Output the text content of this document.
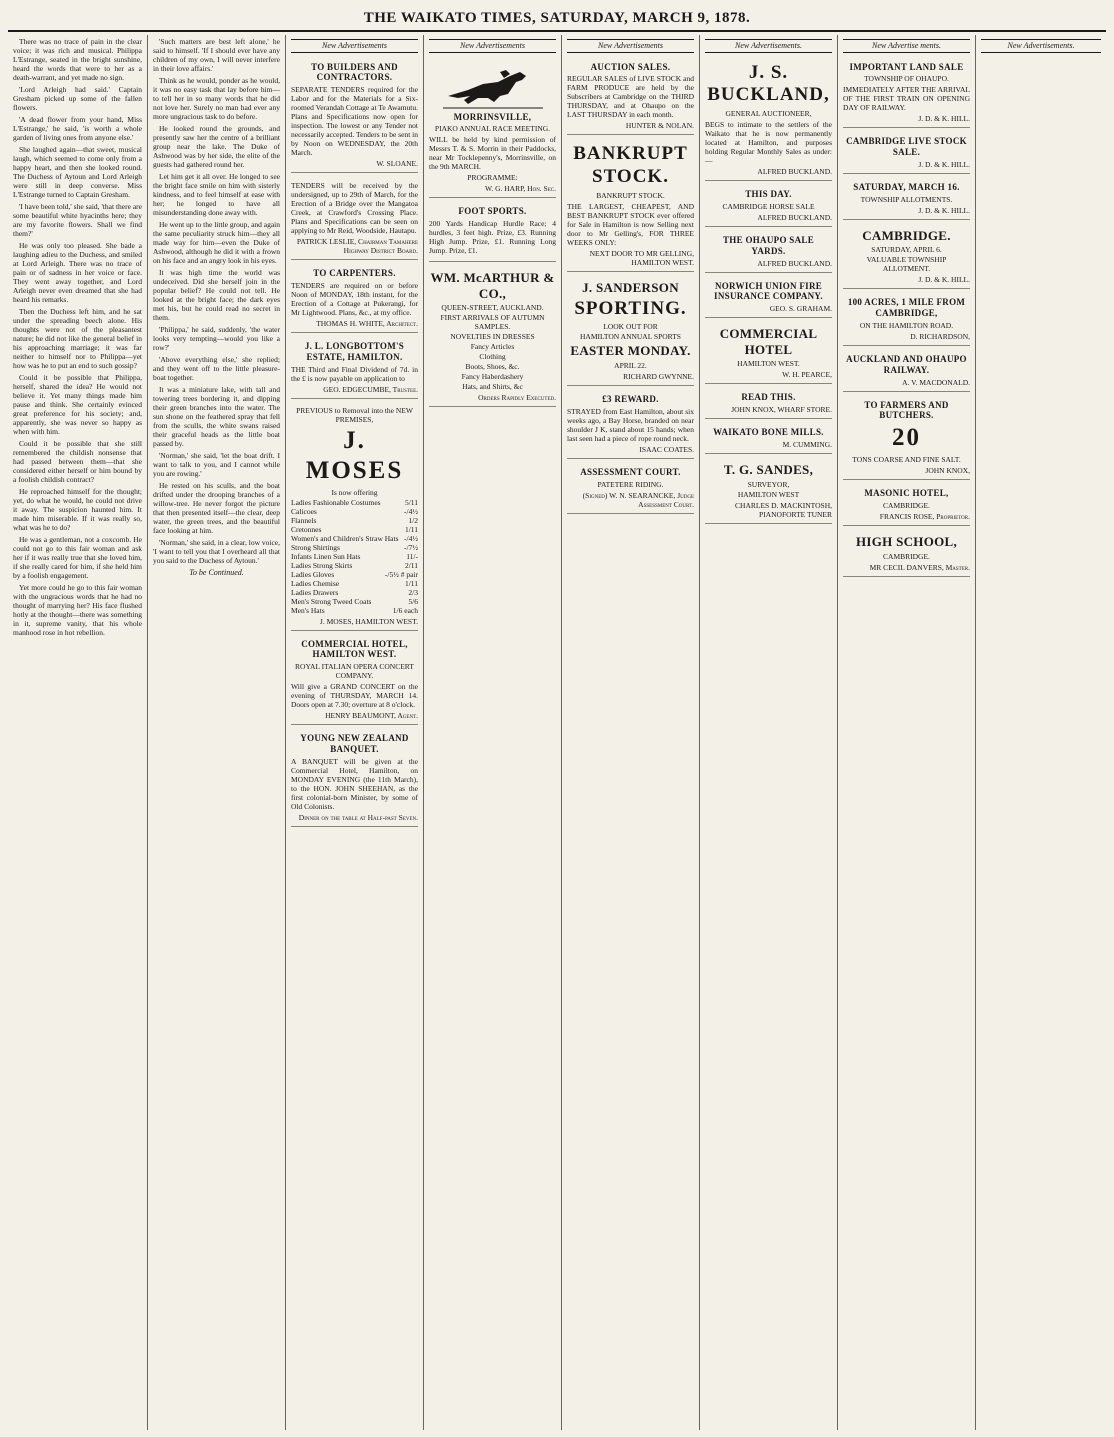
THE WAIKATO TIMES, SATURDAY, MARCH 9, 1878.

There was no trace of pain in the clear voice; it was rich and musical. Philippa L'Estrange, seated in the bright sunshine, heard the words that were to her as a death-warrant, and yet made no sign.

'Lord Arleigh had said.' Captain Gresham picked up some of the fallen flowers.

'A dead flower from your hand, Miss L'Estrange,' he said, 'is worth a whole garden of living ones from anyone else.'

She laughed again—that sweet, musical laugh, which seemed to come only from a happy heart, and then she looked round. The Duchess of Aytoun and Lord Arleigh were still in deep converse. Miss L'Estrange turned to Captain Gresham.

'I have been told,' she said, 'that there are some beautiful white hyacinths here; they are my favorite flowers. Shall we find them?'

He was only too pleased. She bade a laughing adieu to the Duchess, and smiled at Lord Arleigh. There was no trace of pain or of sadness in her voice or face. They went away together, and Lord Arleigh never even dreamed that she had heard his remarks.

Then the Duchess left him, and he sat under the spreading beech alone. His thoughts were not of the pleasantest nature; he did not like the general belief in his approaching marriage; it was far neither to himself nor to Philippa—yet how was he to put an end to such gossip?

Could it be possible that Philippa, herself, shared the idea? He would not believe it. Yet many things made him pause and think. She certainly evinced great preference for his society; and, apparently, she was never so happy as when with him.

Could it be possible that she still remembered the childish nonsense that had passed between them—that she considered either herself or him bound by a foolish childish contract?

He reproached himself for the thought; yet, do what he would, he could not drive it away. The suspicion haunted him. It made him miserable. If it was really so, what was he to do?

He was a gentleman, not a coxcomb. He could not go to this fair woman and ask her if it was really true that she loved him, if she really cared for him, if she held him by a foolish engagement.

Yet more could he go to this fair woman with the ungracious words that he had no thought of marrying her? His face flushed hotly at the thought—there was something in it, supreme vanity, that his whole manhood rose in hot rebellion.

'Such matters are best left alone,' he said to himself. 'If I should ever have any children of my own, I will never interfere in their love affairs.'

Think as he would, ponder as he would, it was no easy task that lay before him—to tell her in so many words that he did not love her. Surely no man had ever any more ungracious task to do before.

He looked round the grounds, and presently saw her the centre of a brilliant group near the lake. The Duke of Ashwood was by her side, the elite of the guests had gathered round her.

Let him get it all over. He longed to see the bright face smile on him with sisterly kindness, and to feel himself at ease with her; he longed to have all misunderstanding done away with.

He went up to the little group, and again the same peculiarity struck him—they all made way for him—even the Duke of Ashwood, although he did it with a frown on his face and an angry look in his eyes.

It was high time the world was undeceived. Did she herself join in the popular belief? He could not tell. He looked at the bright face; the dark eyes met his, but he could read no secret in them.

'Philippa,' he said, suddenly, 'the water looks very tempting—would you like a row?'

'Above everything else,' she replied; and they went off to the little pleasure-boat together.

It was a miniature lake, with tall and towering trees bordering it, and dipping their green branches into the water. The sun shone on the feathered spray that fell from the sculls, the white swans raised their graceful heads as the little boat passed by.

'Norman,' she said, 'let the boat drift. I want to talk to you, and I cannot while you are rowing.'

He rested on his sculls, and the boat drifted under the drooping branches of a willow-tree. He never forgot the picture that then presented itself—the clear, deep water, the green trees, and the beautiful face looking at him.

'Norman,' she said, in a clear, low voice, 'I want to tell you that I overheard all that you said to the Duchess of Aytoun.'

To be Continued.
New Advertisements
TO BUILDERS AND CONTRACTORS.
SEPARATE TENDERS required for the Labor and for the Materials for a Six-roomed Verandah Cottage at Te Awamutu. Plans and Specifications now open for inspection. The lowest or any Tender not necessarily accepted. Tenders to be sent in by Noon on WEDNESDAY, the 20th March.
W. SLOANE.
TENDERS will be received by the undersigned, up to 29th of March, for the Erection of a Bridge over the Mangatoa Creek, at Crawford's Crossing Place. Plans and Specifications can be seen on applying to Mr Reid, Woodside, Hautapu.
PATRICK LESLIE, Chairman Tamahere Highway District Board.
TO CARPENTERS.
TENDERS are required on or before Noon of MONDAY, 18th instant, for the Erection of a Cottage at Pukerangi, for Mr Lightwood. Plans, &c., at my office.
THOMAS H. WHITE, Architect.
J. L. LONGBOTTOM'S ESTATE, HAMILTON.
THE Third and Final Dividend of 7d. in the £ is now payable on application to
GEO. EDGECUMBE, Trustee.
PREVIOUS to Removal into the NEW PREMISES,
J. MOSES
Is now offering
Ladies Fashionable Costumes	5/11
Calicoes	-/4½
Flannels	1/2
Cretonnes	1/11
Women's and Children's Straw Hats -/4½
Strong Shirtings	-/7½
Infants Linen Sun Hats	11/-
Ladies Strong Skirts	2/11
Ladies Gloves	-/5½ # pair
Ladies Chemise	1/11
Ladies Drawers	2/3
Men's Strong Tweed Coats	5/6
Men's Hats	1/6 each
J. MOSES, HAMILTON WEST.
COMMERCIAL HOTEL, HAMILTON WEST.
ROYAL ITALIAN OPERA CONCERT COMPANY.
Will give a GRAND CONCERT on the evening of THURSDAY, MARCH 14. Doors open at 7.30; overture at 8 o'clock.
HENRY BEAUMONT, Agent.
YOUNG NEW ZEALAND BANQUET.
A BANQUET will be given at the Commercial Hotel, Hamilton, on MONDAY EVENING (the 11th March), to the HON. JOHN SHEEHAN, as the first colonial-born Minister, by some of Old Colonists.
Dinner on the table at Half-past Seven.
New Advertisements
MORRINSVILLE,
PIAKO ANNUAL RACE MEETING.
WILL be held by kind permission of Messrs T. & S. Morrin in their Paddocks, near Mr Tocklepenny's, Morrinsville, on the 9th MARCH.
PROGRAMME:
W. G. HARP, Hon. Sec.
FOOT SPORTS.
200 Yards Handicap Hurdle Race; 4 hurdles, 3 feet high. Prize, £3. Running High Jump. Prize, £1. Running Long Jump. Prize, £1.
WM. McARTHUR & CO.,
QUEEN-STREET, AUCKLAND.
FIRST ARRIVALS OF AUTUMN SAMPLES.
NOVELTIES IN DRESSES
Fancy Articles
Clothing
Boots, Shoes, &c.
Fancy Haberdashery
Hats, and Shirts, &c
Orders Rapidly Executed.
New Advertisements
AUCTION SALES.
REGULAR SALES of LIVE STOCK and FARM PRODUCE are held by the Subscribers at Cambridge on the THIRD THURSDAY, and at Ohaupo on the LAST THURSDAY in each month.
HUNTER & NOLAN.
BANKRUPT STOCK.
BANKRUPT STOCK.
THE LARGEST, CHEAPEST, AND BEST BANKRUPT STOCK ever offered for Sale in Hamilton is now Selling next door to Mr Gelling's, FOR THREE WEEKS ONLY:
NEXT DOOR TO MR GELLING, HAMILTON WEST.
J. SANDERSON
SPORTING.
LOOK OUT FOR
HAMILTON ANNUAL SPORTS
EASTER MONDAY.
APRIL 22.
RICHARD GWYNNE.
£3 REWARD.
STRAYED from East Hamilton, about six weeks ago, a Bay Horse, branded on near shoulder J K, stand about 15 hands; when last seen had a piece of rope round neck.
ISAAC COATES.
ASSESSMENT COURT.
PATETERE RIDING.
(Signed) W. N. SEARANCKE, Judge Assessment Court.
New Advertisements.
J. S. BUCKLAND,
GENERAL AUCTIONEER,
BEGS to intimate to the settlers of the Waikato that he is now permanently located at Hamilton, and purposes holding Regular Monthly Sales as under:—
ALFRED BUCKLAND.
THIS DAY.
CAMBRIDGE HORSE SALE
ALFRED BUCKLAND.
THE OHAUPO SALE YARDS.
ALFRED BUCKLAND.
NORWICH UNION FIRE INSURANCE COMPANY.
GEO. S. GRAHAM.
COMMERCIAL HOTEL
HAMILTON WEST.
W. H. PEARCE,
READ THIS.
JOHN KNOX, WHARF STORE.
WAIKATO BONE MILLS.
M. CUMMING.
T. G. SANDES,
SURVEYOR,
HAMILTON WEST
CHARLES D. MACKINTOSH, PIANOFORTE TUNER
New Advertise ments.
IMPORTANT LAND SALE
TOWNSHIP OF OHAUPO.
IMMEDIATELY AFTER THE ARRIVAL OF THE FIRST TRAIN ON OPENING DAY OF RAILWAY.
J. D. & K. HILL.
CAMBRIDGE LIVE STOCK SALE.
J. D. & K. HILL.
SATURDAY, MARCH 16.
TOWNSHIP ALLOTMENTS.
J. D. & K. HILL.
CAMBRIDGE.
SATURDAY, APRIL 6.
VALUABLE TOWNSHIP ALLOTMENT.
J. D. & K. HILL.
100 ACRES, 1 MILE FROM CAMBRIDGE,
ON THE HAMILTON ROAD.
D. RICHARDSON,
AUCKLAND AND OHAUPO RAILWAY.
A. V. MACDONALD.
TO FARMERS AND BUTCHERS.
20
TONS COARSE AND FINE SALT.
JOHN KNOX,
MASONIC HOTEL,
CAMBRIDGE.
FRANCIS ROSE, Proprietor.
HIGH SCHOOL,
CAMBRIDGE.
MR CECIL DANVERS, Master.
New Advertisements.
